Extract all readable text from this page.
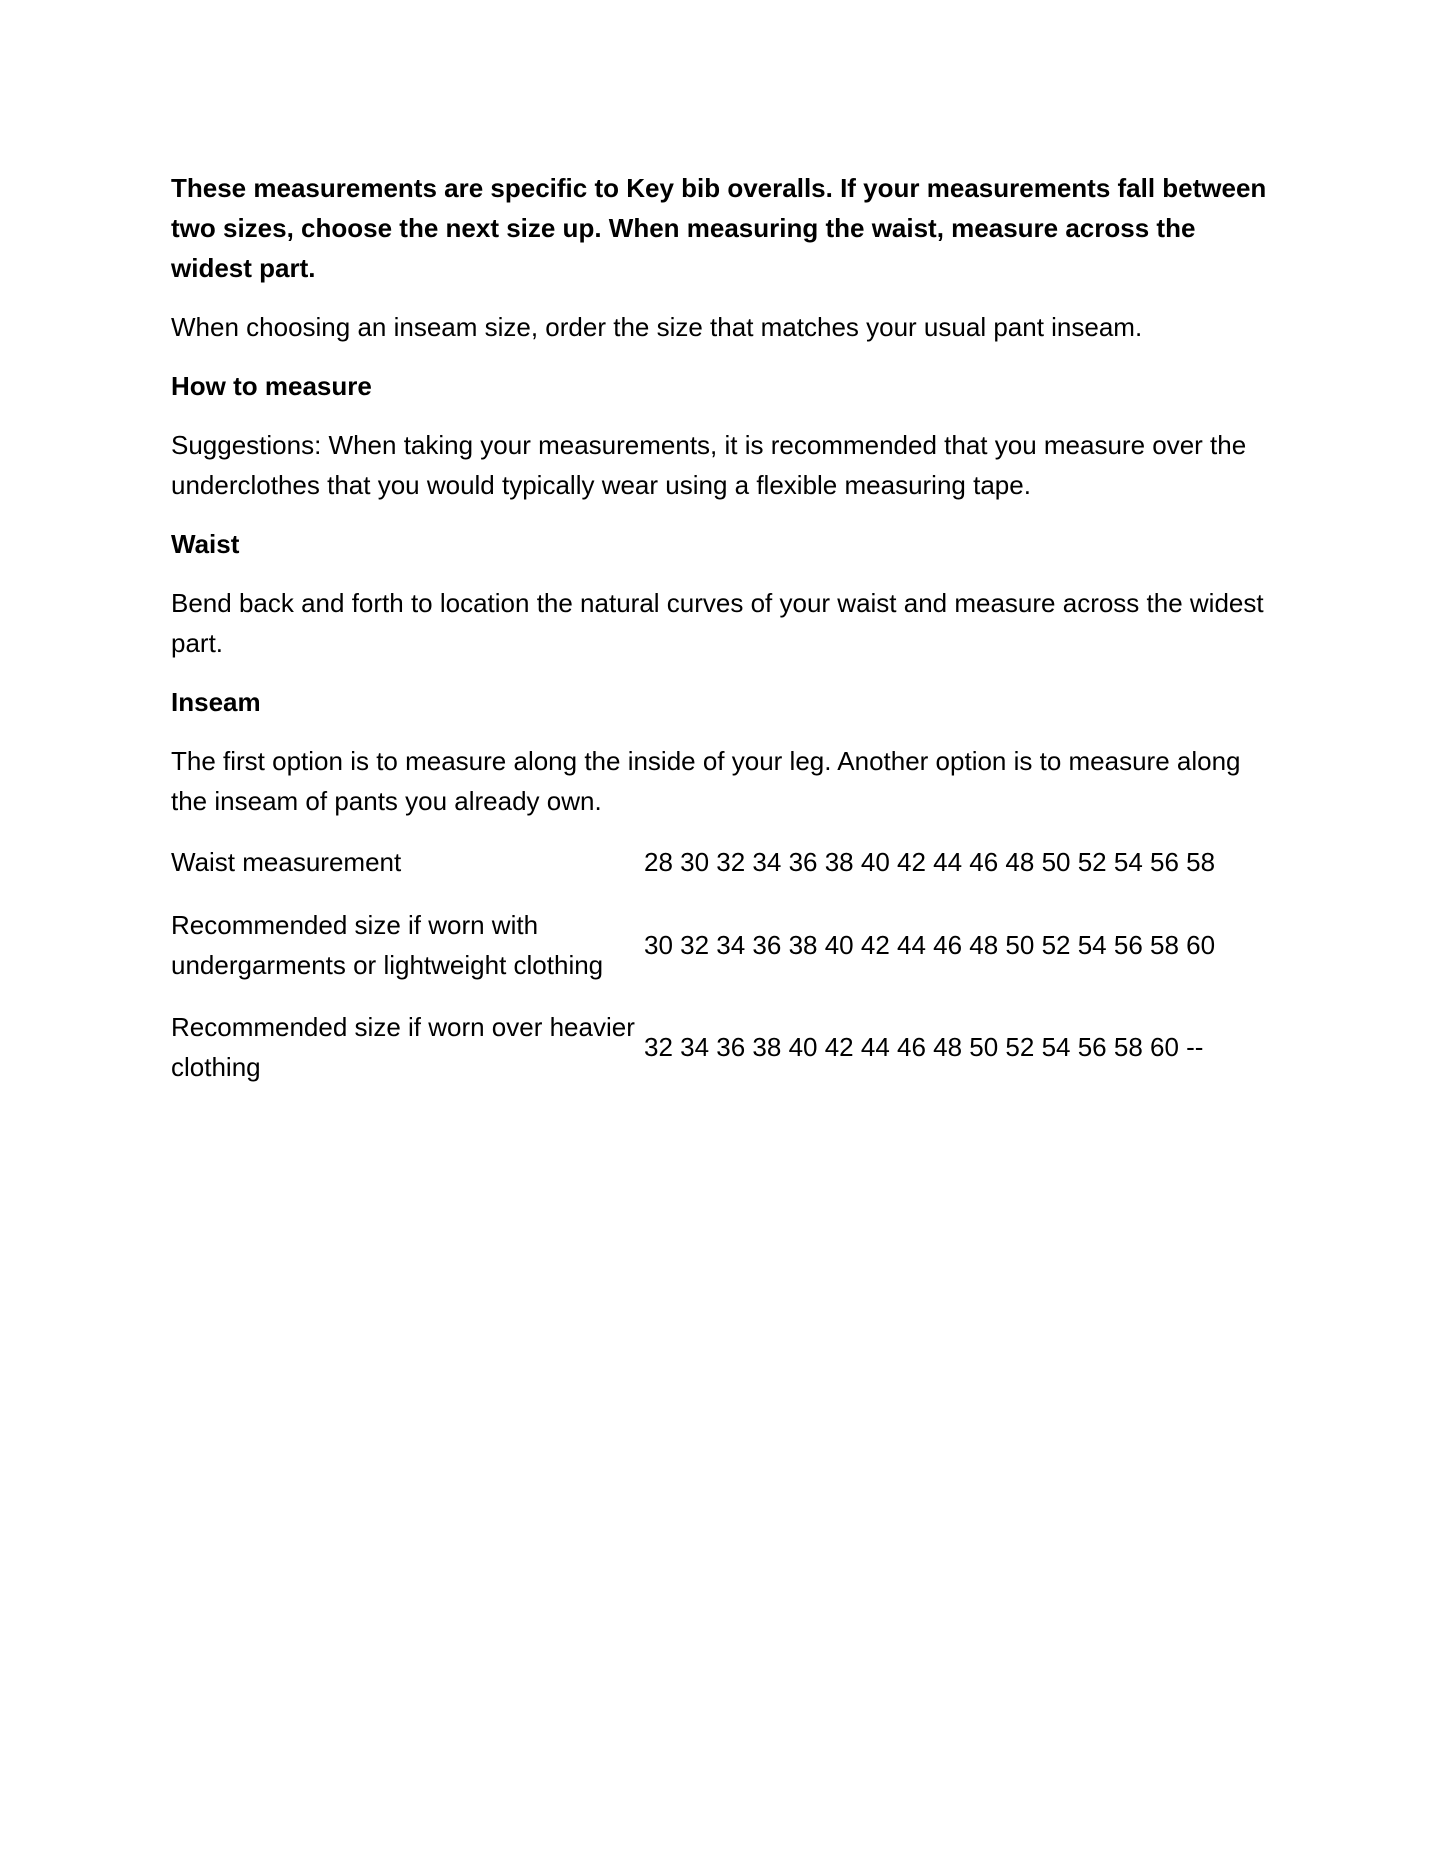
These measurements are specific to Key bib overalls. If your measurements fall between two sizes, choose the next size up. When measuring the waist, measure across the widest part.

When choosing an inseam size, order the size that matches your usual pant inseam.

How to measure

Suggestions: When taking your measurements, it is recommended that you measure over the underclothes that you would typically wear using a flexible measuring tape.

Waist

Bend back and forth to location the natural curves of your waist and measure across the widest part.

Inseam

The first option is to measure along the inside of your leg. Another option is to measure along the inseam of pants you already own.

Waist measurement	28 30 32 34 36 38 40 42 44 46 48 50 52 54 56 58
Recommended size if worn with undergarments or lightweight clothing	30 32 34 36 38 40 42 44 46 48 50 52 54 56 58 60
Recommended size if worn over heavier clothing	32 34 36 38 40 42 44 46 48 50 52 54 56 58 60 --
